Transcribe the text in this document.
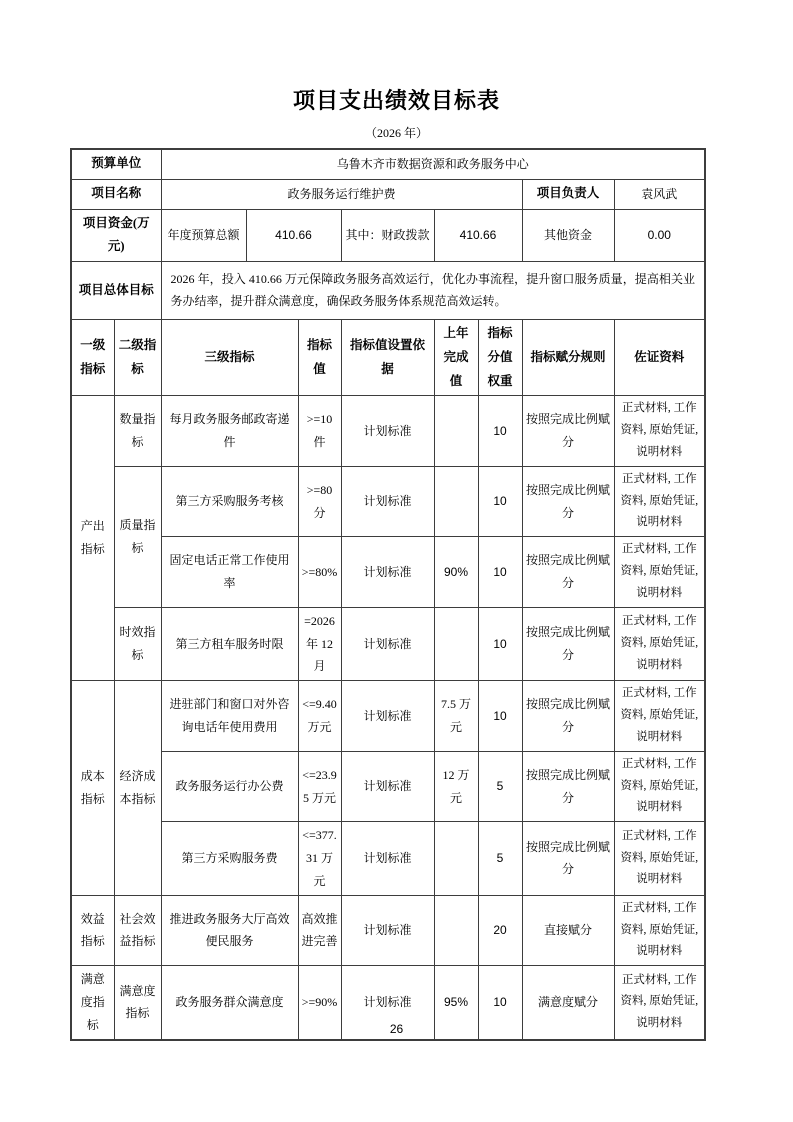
项目支出绩效目标表
（2026 年）
预算单位		乌鲁木齐市数据资源和政务服务中心							
项目名称		政务服务运行维护费						项目负责人	袁风武
项目资金(万元)		年度预算总额	410.66		其中：财政拨款	410.66		其他资金	0.00
项目总体目标		2026 年，投入 410.66 万元保障政务服务高效运行，优化办事流程，提升窗口服务质量，提高相关业务办结率，提升群众满意度，确保政务服务体系规范高效运转。							
一级指标	二级指标	三级指标		指标值	指标值设置依据	上年完成值	指标分值权重	指标赋分规则	佐证资料
产出指标	数量指标	每月政务服务邮政寄递件		>=10 件	计划标准		10	按照完成比例赋分	正式材料, 工作资料, 原始凭证, 说明材料
	质量指标	第三方采购服务考核		>=80 分	计划标准		10	按照完成比例赋分	正式材料, 工作资料, 原始凭证, 说明材料
		固定电话正常工作使用率		>=80%	计划标准	90%	10	按照完成比例赋分	正式材料, 工作资料, 原始凭证, 说明材料
	时效指标	第三方租车服务时限		=2026 年 12 月	计划标准		10	按照完成比例赋分	正式材料, 工作资料, 原始凭证, 说明材料
成本指标	经济成本指标	进驻部门和窗口对外咨询电话年使用费用		<=9.40 万元	计划标准	7.5 万元	10	按照完成比例赋分	正式材料, 工作资料, 原始凭证, 说明材料
		政务服务运行办公费		<=23.95 万元	计划标准	12 万元	5	按照完成比例赋分	正式材料, 工作资料, 原始凭证, 说明材料
		第三方采购服务费		<=377.31 万元	计划标准		5	按照完成比例赋分	正式材料, 工作资料, 原始凭证, 说明材料
效益指标	社会效益指标	推进政务服务大厅高效便民服务		高效推进完善	计划标准		20	直接赋分	正式材料, 工作资料, 原始凭证, 说明材料
满意度指标	满意度指标	政务服务群众满意度		>=90%	计划标准	95%	10	满意度赋分	正式材料, 工作资料, 原始凭证, 说明材料
26
